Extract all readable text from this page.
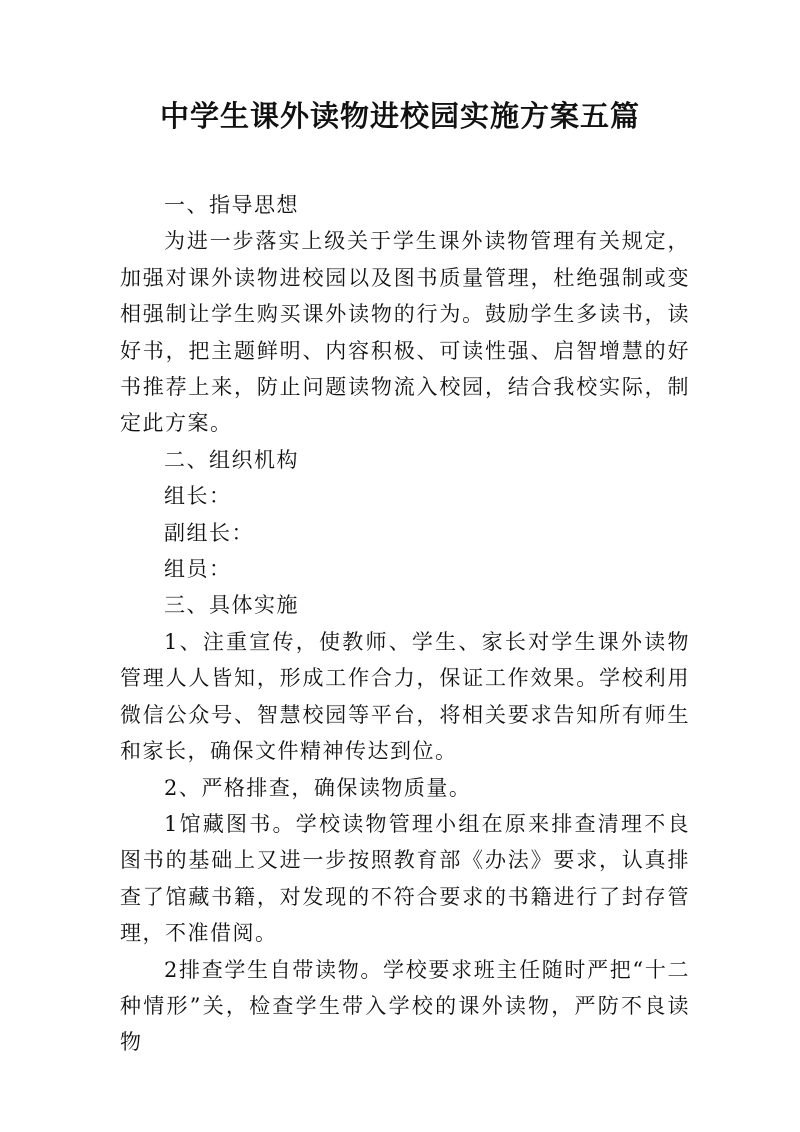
中学生课外读物进校园实施方案五篇

一、指导思想

为进一步落实上级关于学生课外读物管理有关规定，加强对课外读物进校园以及图书质量管理，杜绝强制或变相强制让学生购买课外读物的行为。鼓励学生多读书，读好书，把主题鲜明、内容积极、可读性强、启智增慧的好书推荐上来，防止问题读物流入校园，结合我校实际，制定此方案。

二、组织机构

组长：

副组长：

组员：

三、具体实施

1、注重宣传，使教师、学生、家长对学生课外读物管理人人皆知，形成工作合力，保证工作效果。学校利用微信公众号、智慧校园等平台，将相关要求告知所有师生和家长，确保文件精神传达到位。

2、严格排查，确保读物质量。

1馆藏图书。学校读物管理小组在原来排查清理不良图书的基础上又进一步按照教育部《办法》要求，认真排查了馆藏书籍，对发现的不符合要求的书籍进行了封存管理，不准借阅。

2排查学生自带读物。学校要求班主任随时严把“十二种情形”关，检查学生带入学校的课外读物，严防不良读物
